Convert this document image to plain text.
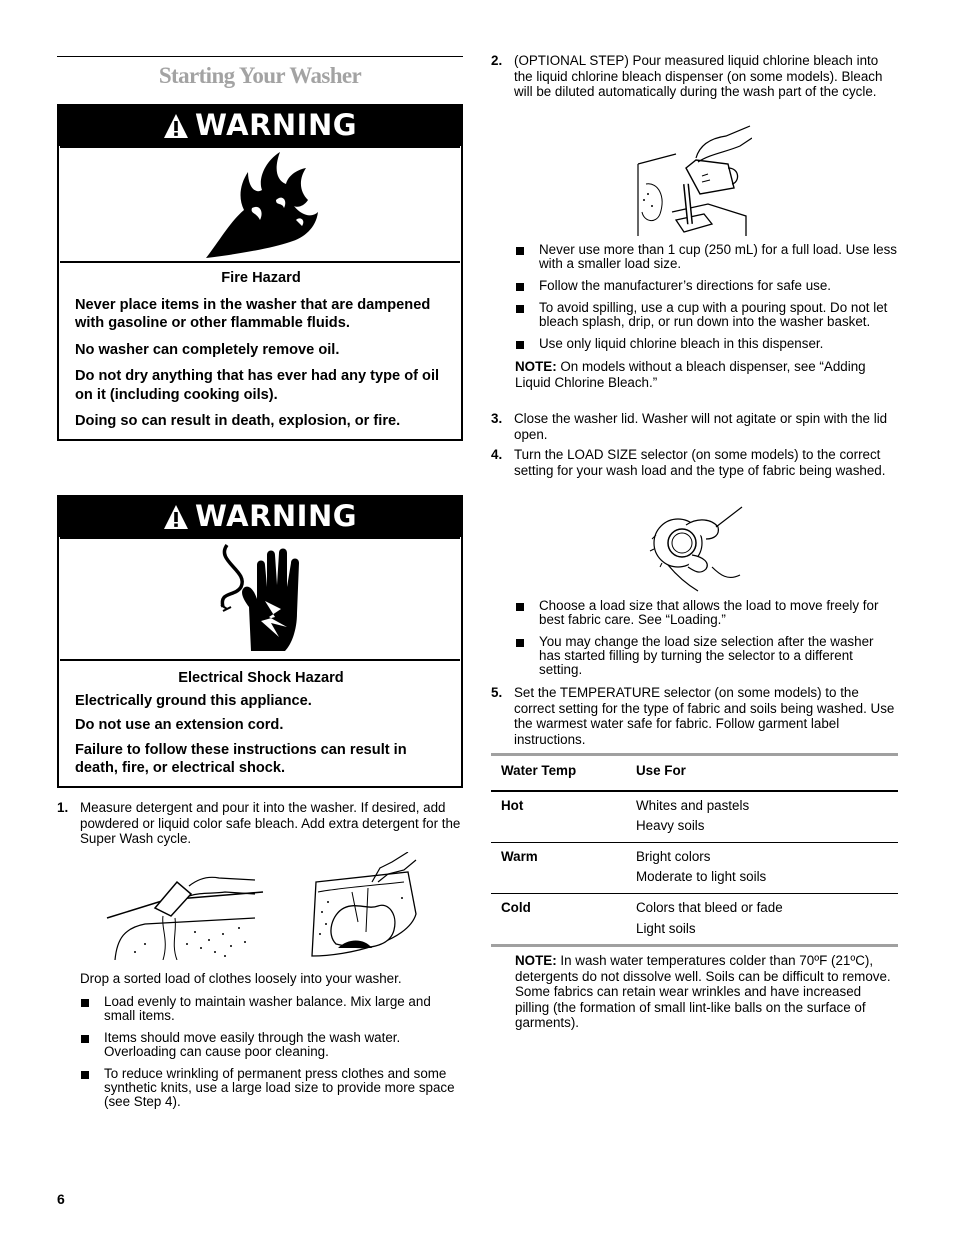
Starting Your Washer
WARNING
Fire Hazard

Never place items in the washer that are dampened with gasoline or other flammable fluids.

No washer can completely remove oil.

Do not dry anything that has ever had any type of oil on it (including cooking oils).

Doing so can result in death, explosion, or fire.

WARNING
Electrical Shock Hazard

Electrically ground this appliance.

Do not use an extension cord.

Failure to follow these instructions can result in death, fire, or electrical shock.

1. Measure detergent and pour it into the washer. If desired, add powdered or liquid color safe bleach. Add extra detergent for the Super Wash cycle.
Drop a sorted load of clothes loosely into your washer.
Load evenly to maintain washer balance. Mix large and small items.
Items should move easily through the wash water. Overloading can cause poor cleaning.
To reduce wrinkling of permanent press clothes and some synthetic knits, use a large load size to provide more space (see Step 4).
2. (OPTIONAL STEP) Pour measured liquid chlorine bleach into the liquid chlorine bleach dispenser (on some models). Bleach will be diluted automatically during the wash part of the cycle.
Never use more than 1 cup (250 mL) for a full load. Use less with a smaller load size.
Follow the manufacturer’s directions for safe use.
To avoid spilling, use a cup with a pouring spout. Do not let bleach splash, drip, or run down into the washer basket.
Use only liquid chlorine bleach in this dispenser.
NOTE: On models without a bleach dispenser, see “Adding Liquid Chlorine Bleach.”
3. Close the washer lid. Washer will not agitate or spin with the lid open.
4. Turn the LOAD SIZE selector (on some models) to the correct setting for your wash load and the type of fabric being washed.
Choose a load size that allows the load to move freely for best fabric care. See “Loading.”
You may change the load size selection after the washer has started filling by turning the selector to a different setting.
5. Set the TEMPERATURE selector (on some models) to the correct setting for the type of fabric and soils being washed. Use the warmest water safe for fabric. Follow garment label instructions.
Water Temp	Use For
Hot	Whites and pastels
Heavy soils
Warm	Bright colors
Moderate to light soils
Cold	Colors that bleed or fade
Light soils
NOTE: In wash water temperatures colder than 70ºF (21ºC), detergents do not dissolve well. Soils can be difficult to remove. Some fabrics can retain wear wrinkles and have increased pilling (the formation of small lint-like balls on the surface of garments).
6
